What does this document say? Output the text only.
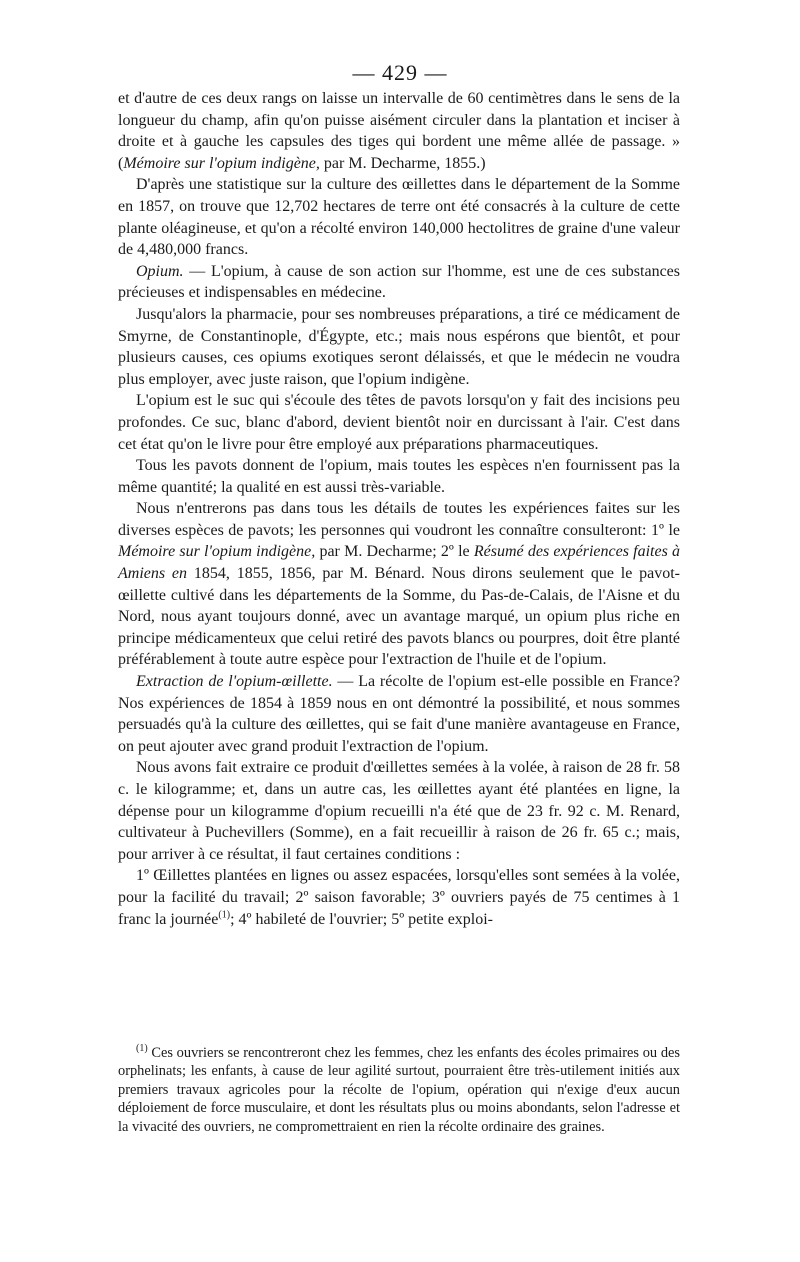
— 429 —

et d'autre de ces deux rangs on laisse un intervalle de 60 centimètres dans le sens de la longueur du champ, afin qu'on puisse aisément circuler dans la plantation et inciser à droite et à gauche les capsules des tiges qui bordent une même allée de passage. » (Mémoire sur l'opium indigène, par M. Decharme, 1855.)

D'après une statistique sur la culture des œillettes dans le département de la Somme en 1857, on trouve que 12,702 hectares de terre ont été consacrés à la culture de cette plante oléagineuse, et qu'on a récolté environ 140,000 hectolitres de graine d'une valeur de 4,480,000 francs.

Opium. — L'opium, à cause de son action sur l'homme, est une de ces substances précieuses et indispensables en médecine.

Jusqu'alors la pharmacie, pour ses nombreuses préparations, a tiré ce médicament de Smyrne, de Constantinople, d'Égypte, etc.; mais nous espérons que bientôt, et pour plusieurs causes, ces opiums exotiques seront délaissés, et que le médecin ne voudra plus employer, avec juste raison, que l'opium indigène.

L'opium est le suc qui s'écoule des têtes de pavots lorsqu'on y fait des incisions peu profondes. Ce suc, blanc d'abord, devient bientôt noir en durcissant à l'air. C'est dans cet état qu'on le livre pour être employé aux préparations pharmaceutiques.

Tous les pavots donnent de l'opium, mais toutes les espèces n'en fournissent pas la même quantité; la qualité en est aussi très-variable.

Nous n'entrerons pas dans tous les détails de toutes les expériences faites sur les diverses espèces de pavots; les personnes qui voudront les connaître consulteront: 1º le Mémoire sur l'opium indigène, par M. Decharme; 2º le Résumé des expériences faites à Amiens en 1854, 1855, 1856, par M. Bénard. Nous dirons seulement que le pavot-œillette cultivé dans les départements de la Somme, du Pas-de-Calais, de l'Aisne et du Nord, nous ayant toujours donné, avec un avantage marqué, un opium plus riche en principe médicamenteux que celui retiré des pavots blancs ou pourpres, doit être planté préférablement à toute autre espèce pour l'extraction de l'huile et de l'opium.

Extraction de l'opium-œillette. — La récolte de l'opium est-elle possible en France? Nos expériences de 1854 à 1859 nous en ont démontré la possibilité, et nous sommes persuadés qu'à la culture des œillettes, qui se fait d'une manière avantageuse en France, on peut ajouter avec grand produit l'extraction de l'opium.

Nous avons fait extraire ce produit d'œillettes semées à la volée, à raison de 28 fr. 58 c. le kilogramme; et, dans un autre cas, les œillettes ayant été plantées en ligne, la dépense pour un kilogramme d'opium recueilli n'a été que de 23 fr. 92 c. M. Renard, cultivateur à Puchevillers (Somme), en a fait recueillir à raison de 26 fr. 65 c.; mais, pour arriver à ce résultat, il faut certaines conditions :

1º Œillettes plantées en lignes ou assez espacées, lorsqu'elles sont semées à la volée, pour la facilité du travail; 2º saison favorable; 3º ouvriers payés de 75 centimes à 1 franc la journée$^{(1)}$; 4º habileté de l'ouvrier; 5º petite exploi-

$^{(1)}$ Ces ouvriers se rencontreront chez les femmes, chez les enfants des écoles primaires ou des orphelinats; les enfants, à cause de leur agilité surtout, pourraient être très-utilement initiés aux premiers travaux agricoles pour la récolte de l'opium, opération qui n'exige d'eux aucun déploiement de force musculaire, et dont les résultats plus ou moins abondants, selon l'adresse et la vivacité des ouvriers, ne compromettraient en rien la récolte ordinaire des graines.
